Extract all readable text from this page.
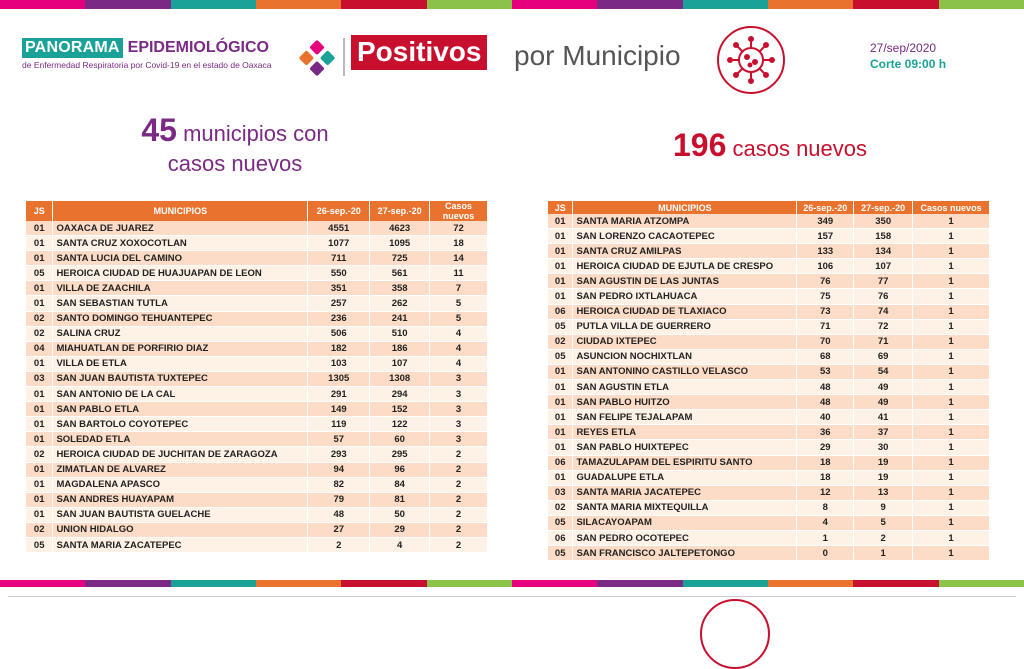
PANORAMA EPIDEMIOLÓGICO
de Enfermedad Respiratoria por Covid-19 en el estado de Oaxaca	Positivos por Municipio	27/sep/2020
Corte 09:00 h
45 municipios con
casos nuevos
196 casos nuevos
JS	MUNICIPIOS	26-sep.-20	27-sep.-20	Casos nuevos
01	OAXACA DE JUAREZ	4551	4623	72
01	SANTA CRUZ XOXOCOTLAN	1077	1095	18
01	SANTA LUCIA DEL CAMINO	711	725	14
05	HEROICA CIUDAD DE HUAJUAPAN DE LEON	550	561	11
01	VILLA DE ZAACHILA	351	358	7
01	SAN SEBASTIAN TUTLA	257	262	5
02	SANTO DOMINGO TEHUANTEPEC	236	241	5
02	SALINA CRUZ	506	510	4
04	MIAHUATLAN DE PORFIRIO DIAZ	182	186	4
01	VILLA DE ETLA	103	107	4
03	SAN JUAN BAUTISTA TUXTEPEC	1305	1308	3
01	SAN ANTONIO DE LA CAL	291	294	3
01	SAN PABLO ETLA	149	152	3
01	SAN BARTOLO COYOTEPEC	119	122	3
01	SOLEDAD ETLA	57	60	3
02	HEROICA CIUDAD DE JUCHITAN DE ZARAGOZA	293	295	2
01	ZIMATLAN DE ALVAREZ	94	96	2
01	MAGDALENA APASCO	82	84	2
01	SAN ANDRES HUAYAPAM	79	81	2
01	SAN JUAN BAUTISTA GUELACHE	48	50	2
02	UNION HIDALGO	27	29	2
05	SANTA MARIA ZACATEPEC	2	4	2
JS	MUNICIPIOS	26-sep.-20	27-sep.-20	Casos nuevos
01	SANTA MARIA ATZOMPA	349	350	1
01	SAN LORENZO CACAOTEPEC	157	158	1
01	SANTA CRUZ AMILPAS	133	134	1
01	HEROICA CIUDAD DE EJUTLA DE CRESPO	106	107	1
01	SAN AGUSTIN DE LAS JUNTAS	76	77	1
01	SAN PEDRO IXTLAHUACA	75	76	1
06	HEROICA CIUDAD DE TLAXIACO	73	74	1
05	PUTLA VILLA DE GUERRERO	71	72	1
02	CIUDAD IXTEPEC	70	71	1
05	ASUNCION NOCHIXTLAN	68	69	1
01	SAN ANTONINO CASTILLO VELASCO	53	54	1
01	SAN AGUSTIN ETLA	48	49	1
01	SAN PABLO HUITZO	48	49	1
01	SAN FELIPE TEJALAPAM	40	41	1
01	REYES ETLA	36	37	1
01	SAN PABLO HUIXTEPEC	29	30	1
06	TAMAZULAPAM DEL ESPIRITU SANTO	18	19	1
01	GUADALUPE ETLA	18	19	1
03	SANTA MARIA JACATEPEC	12	13	1
02	SANTA MARIA MIXTEQUILLA	8	9	1
05	SILACAYOAPAM	4	5	1
06	SAN PEDRO OCOTEPEC	1	2	1
05	SAN FRANCISCO JALTEPETONGO	0	1	1
